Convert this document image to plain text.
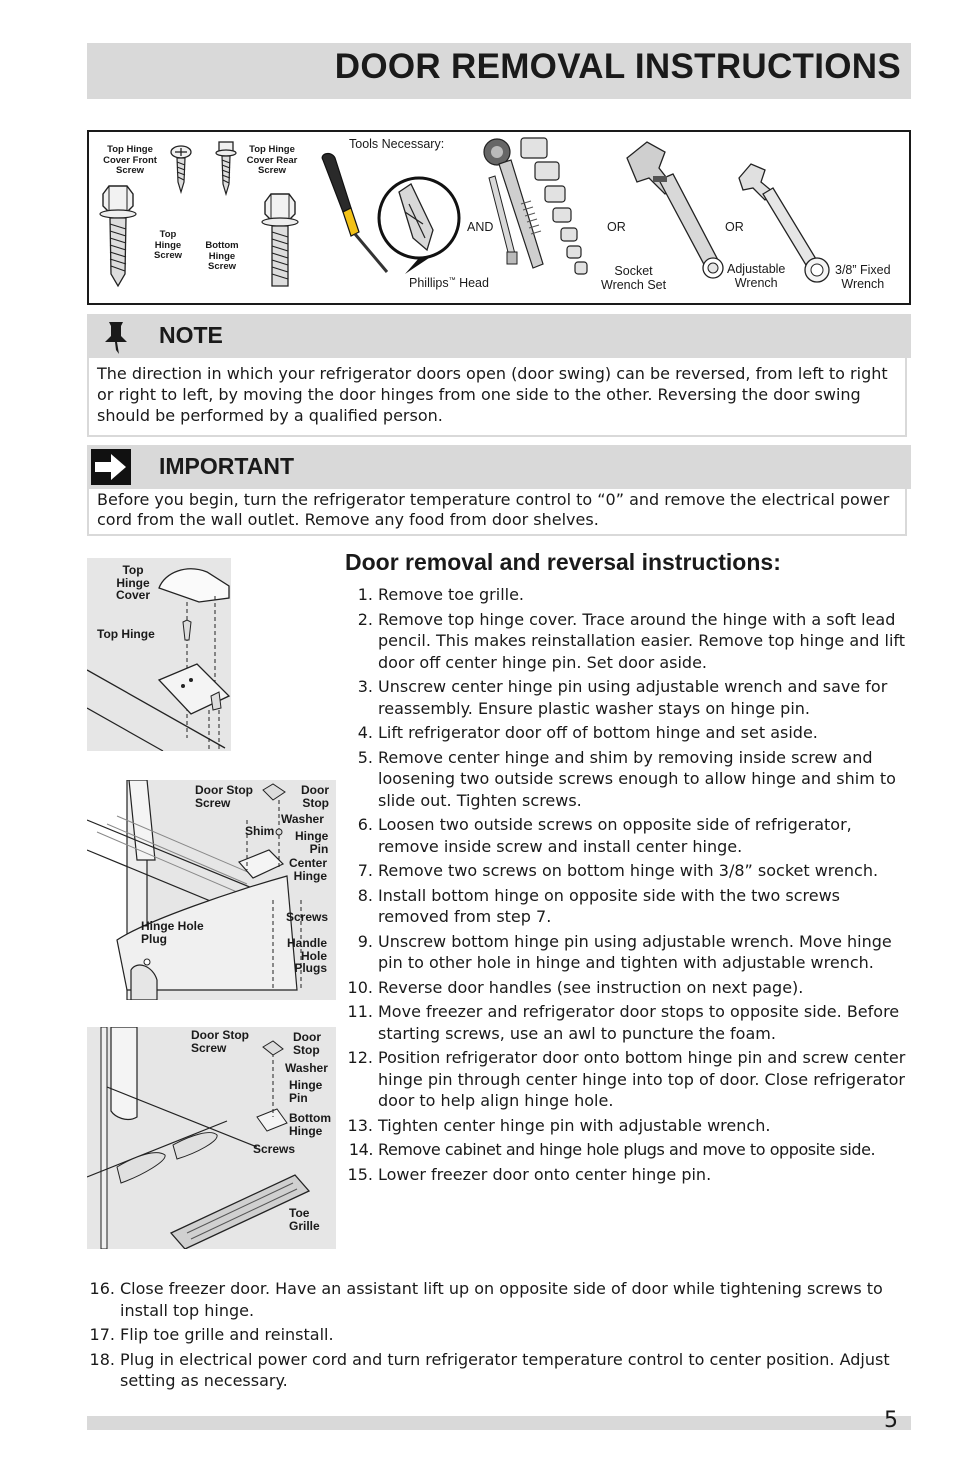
DOOR REMOVAL INSTRUCTIONS
Top Hinge
Cover Front
Screw
Top Hinge
Cover Rear
Screw
Top
Hinge
Screw
Bottom
Hinge
Screw
Tools Necessary:
Phillips™ Head
AND
Socket
Wrench Set
OR
Adjustable
Wrench
OR
3/8” Fixed
Wrench
NOTE
The direction in which your refrigerator doors open (door swing) can be reversed, from left to right or right to left, by moving the door hinges from one side to the other. Reversing the door swing should be performed by a qualified person.
IMPORTANT
Before you begin, turn the refrigerator temperature control to “0” and remove the electrical power cord from the wall outlet. Remove any food from door shelves.
Top
Hinge
Cover
Top Hinge
Door Stop
Screw
Door
Stop
Washer
Shim Hinge
Pin
Center
Hinge
Screws
Hinge Hole
Plug	Handle
Hole
Plugs
Door Stop
Screw
Door
Stop
Washer
Hinge
Pin
Bottom
Hinge
Screws
Toe
Grille
Door removal and reversal instructions:
1. Remove toe grille.
2. Remove top hinge cover. Trace around the hinge with a soft lead pencil. This makes reinstallation easier. Remove top hinge and lift door off center hinge pin. Set door aside.
3. Unscrew center hinge pin using adjustable wrench and save for reassembly. Ensure plastic washer stays on hinge pin.
4. Lift refrigerator door off of bottom hinge and set aside.
5. Remove center hinge and shim by removing inside screw and loosening two outside screws enough to allow hinge and shim to slide out. Tighten screws.
6. Loosen two outside screws on opposite side of refrigerator, remove inside screw and install center hinge.
7. Remove two screws on bottom hinge with 3/8” socket wrench.
8. Install bottom hinge on opposite side with the two screws removed from step 7.
9. Unscrew bottom hinge pin using adjustable wrench. Move hinge pin to other hole in hinge and tighten with adjustable wrench.
10. Reverse door handles (see instruction on next page).
11. Move freezer and refrigerator door stops to opposite side. Before starting screws, use an awl to puncture the foam.
12. Position refrigerator door onto bottom hinge pin and screw center hinge pin through center hinge into top of door. Close refrigerator door to help align hinge hole.
13. Tighten center hinge pin with adjustable wrench.
14. Remove cabinet and hinge hole plugs and move to opposite side.
15. Lower freezer door onto center hinge pin.
16. Close freezer door. Have an assistant lift up on opposite side of door while tightening screws to install top hinge.
17. Flip toe grille and reinstall.
18. Plug in electrical power cord and turn refrigerator temperature control to center position. Adjust setting as necessary.
5
